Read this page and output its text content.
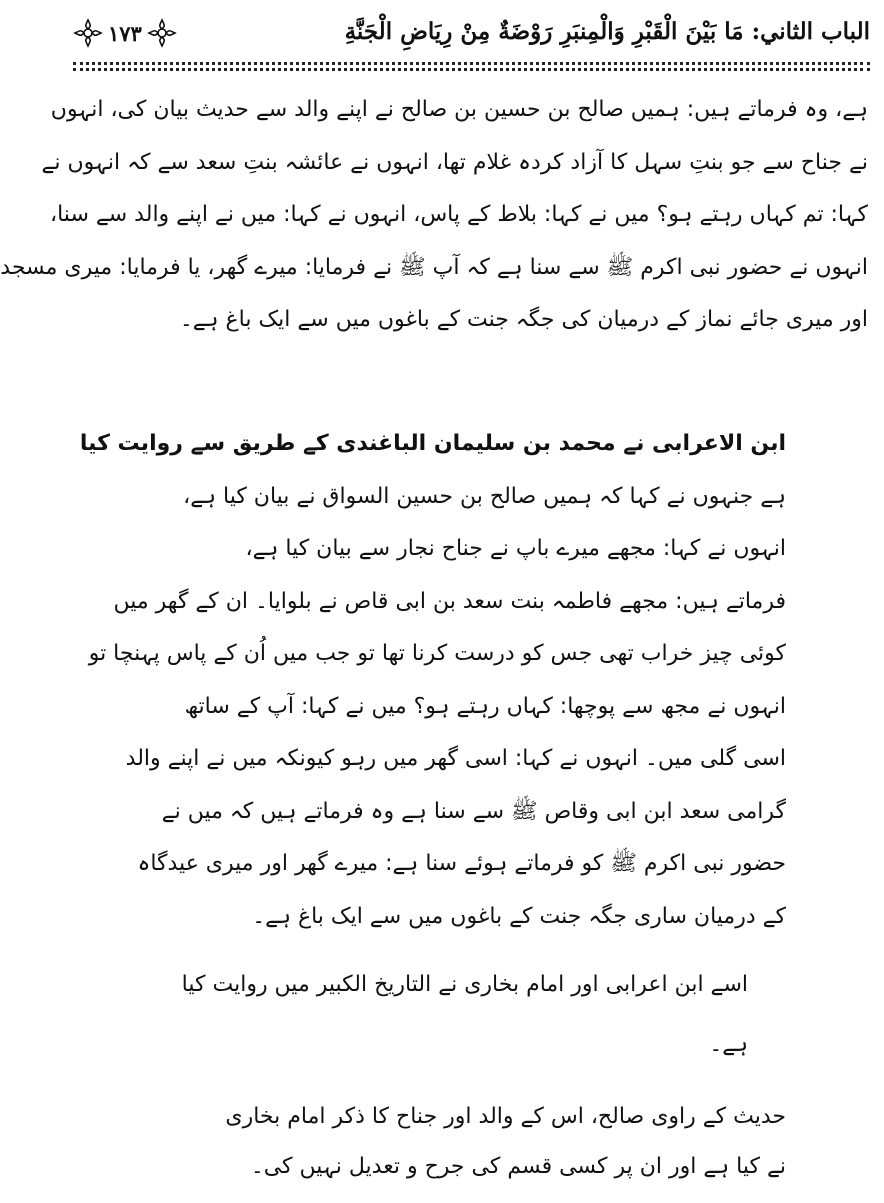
الباب الثاني: مَا بَيْنَ الْقَبْرِ وَالْمِنبَرِ رَوْضَةٌ مِنْ رِيَاضِ الْجَنَّةِ
۱۷۳
ہے، وہ فرماتے ہیں: ہمیں صالح بن حسین بن صالح نے اپنے والد سے حدیث بیان کی، انہوں
نے جناح سے جو بنتِ سہل کا آزاد کردہ غلام تھا، انہوں نے عائشہ بنتِ سعد سے کہ انہوں نے
کہا: تم کہاں رہتے ہو؟ میں نے کہا: بلاط کے پاس، انہوں نے کہا: میں نے اپنے والد سے سنا،
انہوں نے حضور نبی اکرم ﷺ سے سنا ہے کہ آپ ﷺ نے فرمایا: میرے گھر، یا فرمایا: میری مسجد
اور میری جائے نماز کے درمیان کی جگہ جنت کے باغوں میں سے ایک باغ ہے۔
ابن الاعرابی نے محمد بن سلیمان الباغندی کے طریق سے روایت کیا
ہے جنہوں نے کہا کہ ہمیں صالح بن حسین السواق نے بیان کیا ہے،
انہوں نے کہا: مجھے میرے باپ نے جناح نجار سے بیان کیا ہے،
فرماتے ہیں: مجھے فاطمہ بنت سعد بن ابی قاص نے بلوایا۔ ان کے گھر میں
کوئی چیز خراب تھی جس کو درست کرنا تھا تو جب میں اُن کے پاس پہنچا تو
انہوں نے مجھ سے پوچھا: کہاں رہتے ہو؟ میں نے کہا: آپ کے ساتھ
اسی گلی میں۔ انہوں نے کہا: اسی گھر میں رہو کیونکہ میں نے اپنے والد
گرامی سعد ابن ابی وقاص ﷺ سے سنا ہے وہ فرماتے ہیں کہ میں نے
حضور نبی اکرم ﷺ کو فرماتے ہوئے سنا ہے: میرے گھر اور میری عیدگاہ
کے درمیان ساری جگہ جنت کے باغوں میں سے ایک باغ ہے۔
اسے ابن اعرابی اور امام بخاری نے التاریخ الکبیر میں روایت کیا
ہے۔
حدیث کے راوی صالح، اس کے والد اور جناح کا ذکر امام بخاری
نے کیا ہے اور ان پر کسی قسم کی جرح و تعدیل نہیں کی۔
